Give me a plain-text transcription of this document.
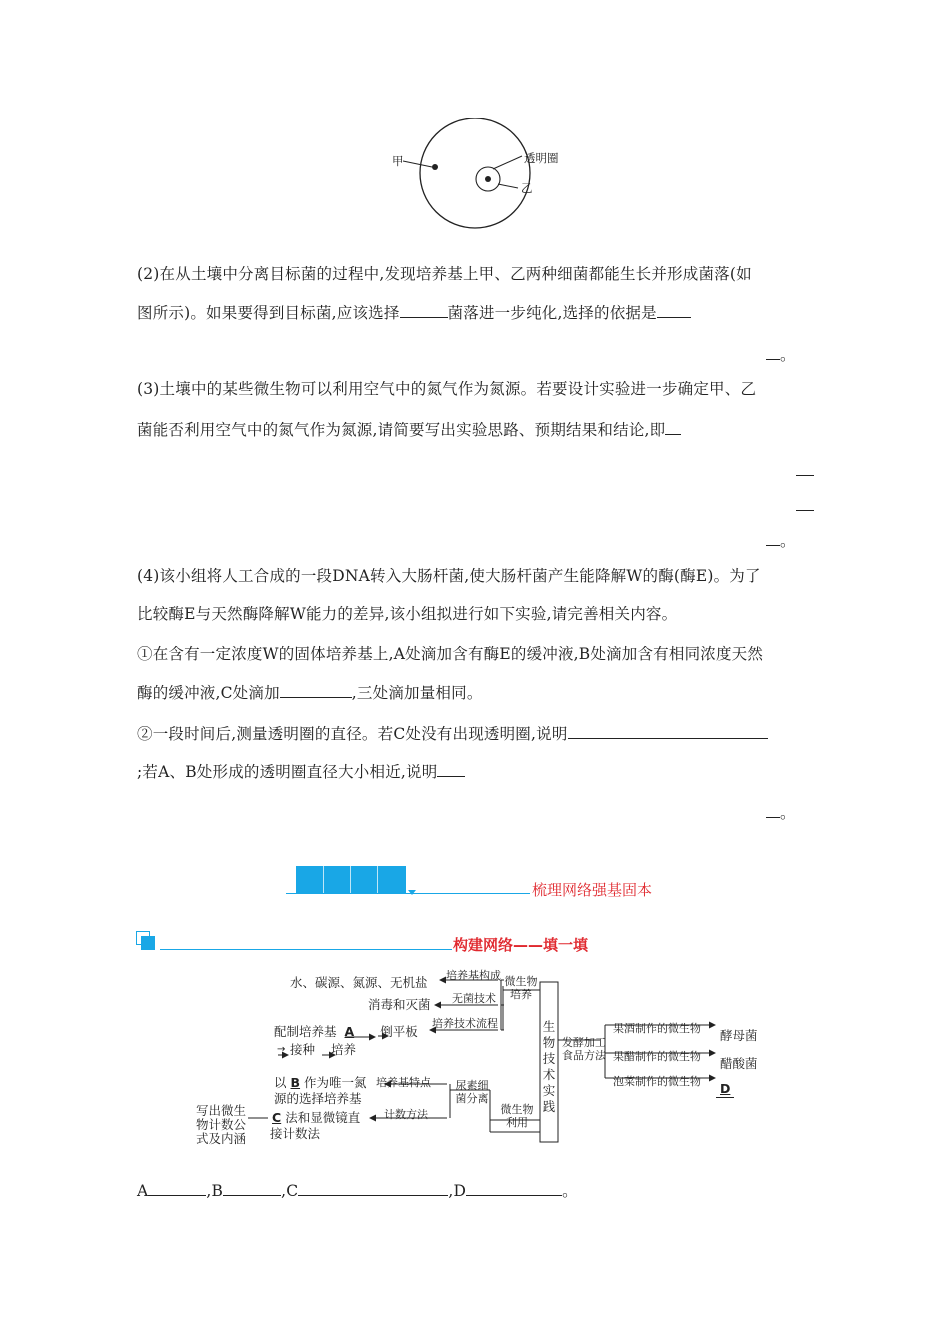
甲	透明圈
乙
(2)在从土壤中分离目标菌的过程中,发现培养基上甲、乙两种细菌都能生长并形成菌落(如
图所示)。如果要得到目标菌,应该选择	菌落进一步纯化,选择的依据是
。
(3)土壤中的某些微生物可以利用空气中的氮气作为氮源。若要设计实验进一步确定甲、乙
菌能否利用空气中的氮气作为氮源,请简要写出实验思路、预期结果和结论,即
。
(4)该小组将人工合成的一段DNA转入大肠杆菌,使大肠杆菌产生能降解W的酶(酶E)。为了
比较酶E与天然酶降解W能力的差异,该小组拟进行如下实验,请完善相关内容。
①在含有一定浓度W的固体培养基上,A处滴加含有酶E的缓冲液,B处滴加含有相同浓度天然
酶的缓冲液,C处滴加	,三处滴加量相同。
②一段时间后,测量透明圈的直径。若C处没有出现透明圈,说明
;若A、B处形成的透明圈直径大小相近,说明
。
梳理网络强基固本
构建网络——填一填
生物技术实践
微生物培养
培养基构成
水、碳源、氮源、无机盐
无菌技术
消毒和灭菌
培养技术流程
配制培养基 A 倒平板
接种 培养
→
尿素细菌分离
微生物利用
培养基特点
以 B 作为唯一氮
源的选择培养基
计数方法
C 法和显微镜直
接计数法
写出微生物计数公式及内涵
发酵加工食品方法
果酒制作的微生物 酵母菌
果醋制作的微生物 醋酸菌
泡菜制作的微生物 D
A	,B	,C	,D	。
